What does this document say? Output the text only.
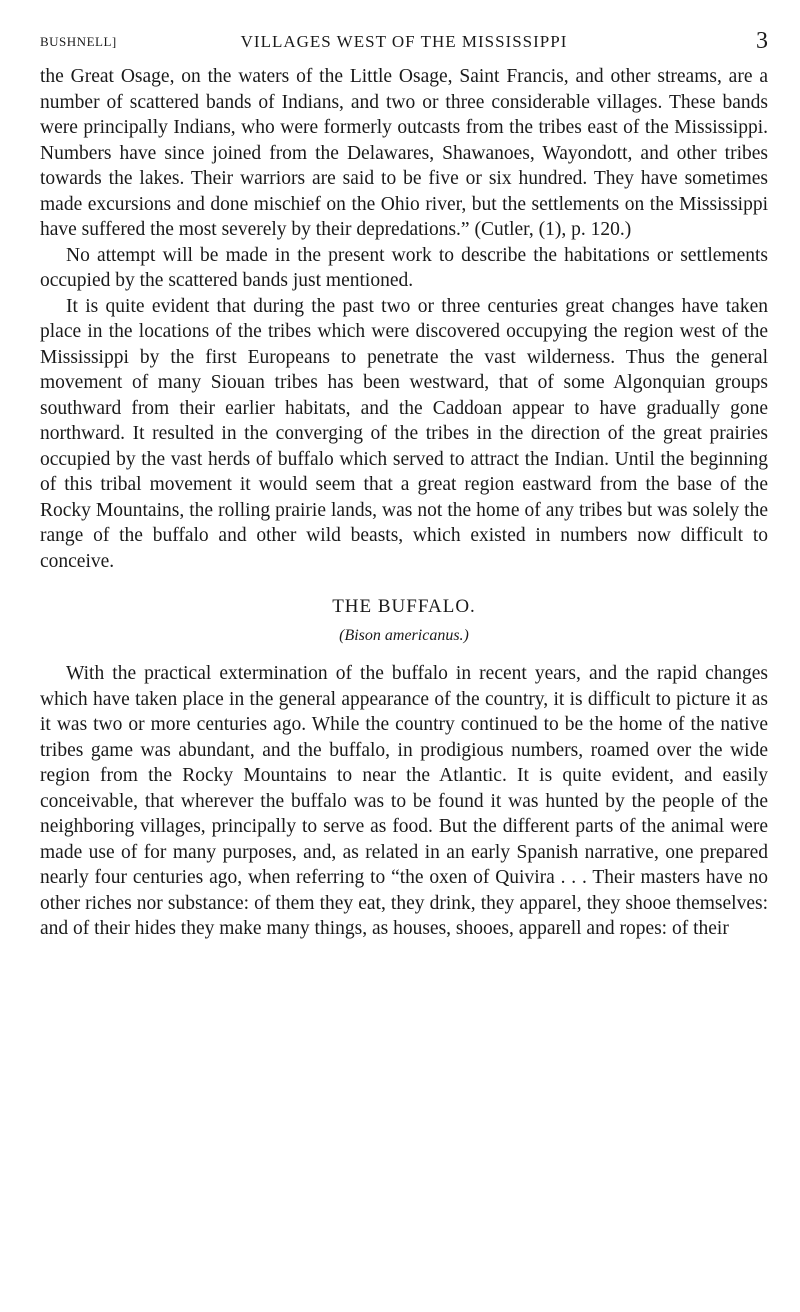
BUSHNELL]	VILLAGES WEST OF THE MISSISSIPPI	3

the Great Osage, on the waters of the Little Osage, Saint Francis, and other streams, are a number of scattered bands of Indians, and two or three considerable villages. These bands were principally Indians, who were formerly outcasts from the tribes east of the Mississippi. Numbers have since joined from the Delawares, Shawanoes, Wayondott, and other tribes towards the lakes. Their warriors are said to be five or six hundred. They have sometimes made excursions and done mischief on the Ohio river, but the settlements on the Mississippi have suffered the most severely by their depredations.” (Cutler, (1), p. 120.)

No attempt will be made in the present work to describe the habitations or settlements occupied by the scattered bands just mentioned.

It is quite evident that during the past two or three centuries great changes have taken place in the locations of the tribes which were discovered occupying the region west of the Mississippi by the first Europeans to penetrate the vast wilderness. Thus the general movement of many Siouan tribes has been westward, that of some Algonquian groups southward from their earlier habitats, and the Caddoan appear to have gradually gone northward. It resulted in the converging of the tribes in the direction of the great prairies occupied by the vast herds of buffalo which served to attract the Indian. Until the beginning of this tribal movement it would seem that a great region eastward from the base of the Rocky Mountains, the rolling prairie lands, was not the home of any tribes but was solely the range of the buffalo and other wild beasts, which existed in numbers now difficult to conceive.

THE BUFFALO.
(Bison americanus.)

With the practical extermination of the buffalo in recent years, and the rapid changes which have taken place in the general appearance of the country, it is difficult to picture it as it was two or more centuries ago. While the country continued to be the home of the native tribes game was abundant, and the buffalo, in prodigious numbers, roamed over the wide region from the Rocky Mountains to near the Atlantic. It is quite evident, and easily conceivable, that wherever the buffalo was to be found it was hunted by the people of the neighboring villages, principally to serve as food. But the different parts of the animal were made use of for many purposes, and, as related in an early Spanish narrative, one prepared nearly four centuries ago, when referring to “the oxen of Quivira . . . Their masters have no other riches nor substance: of them they eat, they drink, they apparel, they shooe themselves: and of their hides they make many things, as houses, shooes, apparell and ropes: of their
